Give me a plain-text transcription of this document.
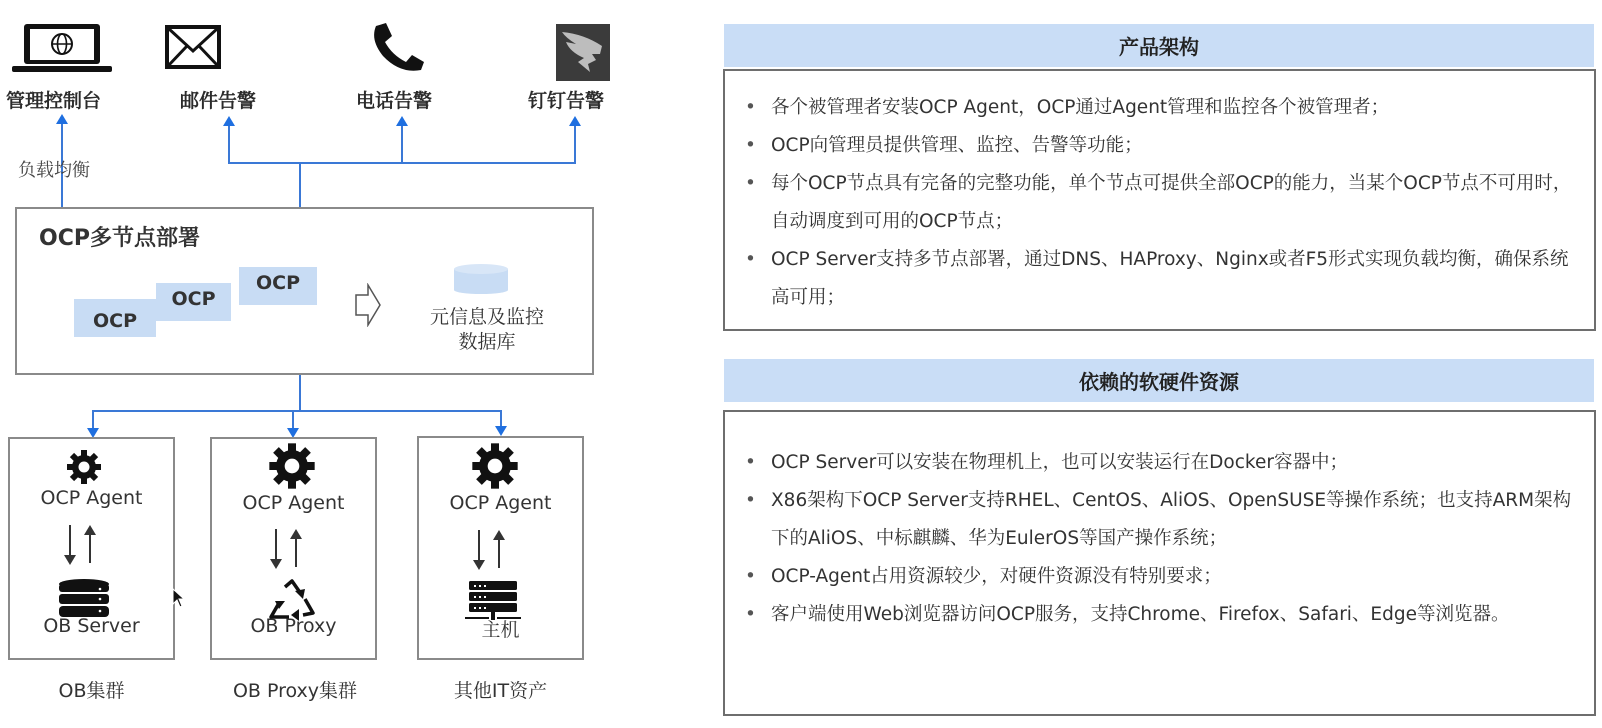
管理控制台	邮件告警	电话告警	钉钉告警
负载均衡
OCP多节点部署
OCP
OCP
OCP
元信息及监控
数据库
OCP Agent
OB Server
OB集群
OCP Agent
OB Proxy
OB Proxy集群
OCP Agent
主机
其他IT资产
产品架构
• 各个被管理者安装OCP Agent，OCP通过Agent管理和监控各个被管理者；
• OCP向管理员提供管理、监控、告警等功能；
• 每个OCP节点具有完备的完整功能，单个节点可提供全部OCP的能力，当某个OCP节点不可用时，自动调度到可用的OCP节点；
• OCP Server支持多节点部署，通过DNS、HAProxy、Nginx或者F5形式实现负载均衡，确保系统高可用；
依赖的软硬件资源
• OCP Server可以安装在物理机上，也可以安装运行在Docker容器中；
• X86架构下OCP Server支持RHEL、CentOS、AliOS、OpenSUSE等操作系统；也支持ARM架构下的AliOS、中标麒麟、华为EulerOS等国产操作系统；
• OCP-Agent占用资源较少，对硬件资源没有特别要求；
• 客户端使用Web浏览器访问OCP服务，支持Chrome、Firefox、Safari、Edge等浏览器。
